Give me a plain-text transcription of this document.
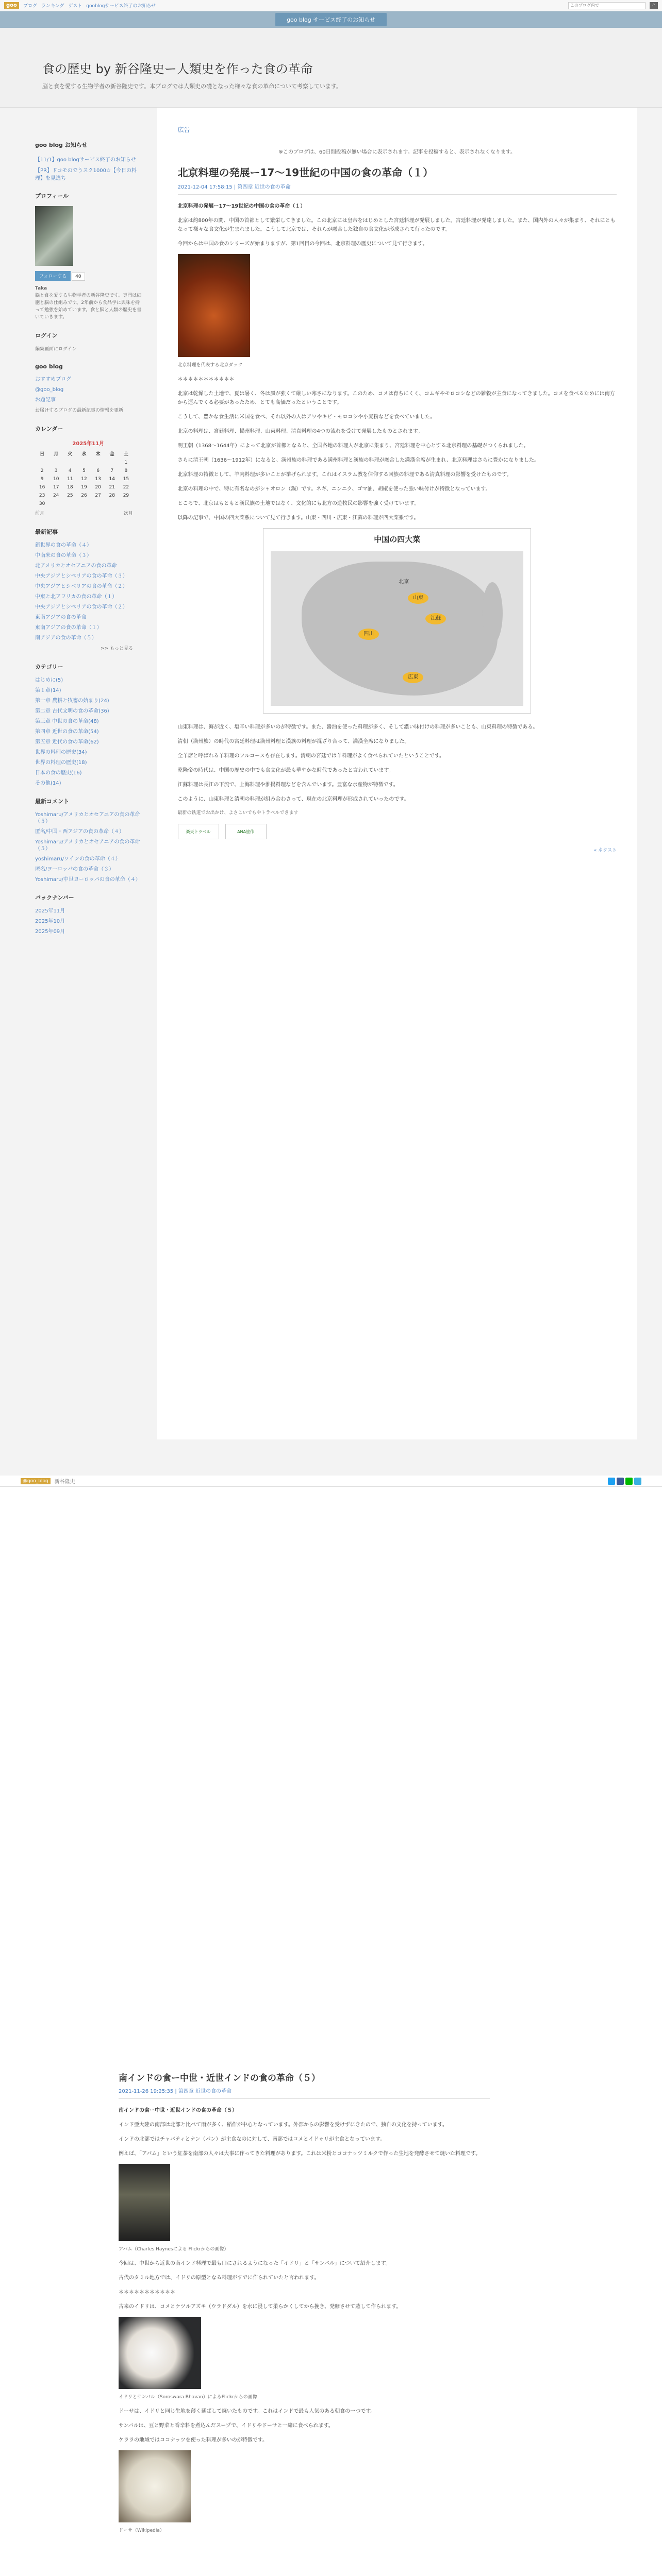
goo	ブログ ランキング ゲスト gooblogサービス終了のお知らせ
このブログ内で	⌕
goo blog サービス終了のお知らせ
食の歴史 by 新谷隆史ー人類史を作った食の革命
脳と食を愛する生物学者の新谷隆史です。本ブログでは人類史の礎となった様々な食の革命について考察しています。
goo blog お知らせ
【11/1】goo blogサービス終了のお知らせ
【PR】ドコモのでうスク1000☆【今日の料理】を見逃ち
プロフィール
フォローする 40
Taka
脳と食を愛する生物学者の新谷隆史です。専門は細胞と脳の仕組みです。2年前から食品学に興味を持って勉強を始めています。食と脳と人類の歴史を書いていきます。
ログイン
編集画面にログイン
goo blog
おすすめブログ
@goo_blog
お題記事
お届けするブログの最新記事の情報を更新
カレンダー
2025年11月
日	月	火	水	木	金	土
						1
2	3	4	5	6	7	8
9	10	11	12	13	14	15
16	17	18	19	20	21	22
23	24	25	26	27	28	29
30						
前月	次月
最新記事
新世界の食の革命（４）
中南米の食の革命（３）
北アメリカとオセアニアの食の革命
中央アジアとシベリアの食の革命（３）
中央アジアとシベリアの食の革命（２）
中東と北アフリカの食の革命（１）
中央アジアとシベリアの食の革命（２）
東南アジアの食の革命
東南アジアの食の革命（１）
南アジアの食の革命（５）
>> もっと見る
カテゴリー
はじめに(5)
第１章(14)
第一章 農耕と牧畜の始まり(24)
第二章 古代文明の食の革命(36)
第三章 中世の食の革命(48)
第四章 近世の食の革命(54)
第五章 近代の食の革命(62)
世界の料理の歴史(34)
世界の料理の歴史(18)
日本の食の歴史(16)
その他(14)
最新コメント
Yoshimaru/アメリカとオセアニアの食の革命（５）
匿名/中国・西アジアの食の革命（４）
Yoshimaru/アメリカとオセアニアの食の革命（５）
yoshimaru/ワインの食の革命（４）
匿名/ヨーロッパの食の革命（３）
Yoshimaru/中世ヨーロッパの食の革命（４）
バックナンバー
2025年11月
2025年10月
2025年09月
広告
※このブログは、60日間投稿が無い場合に表示されます。記事を投稿すると、表示されなくなります。
北京料理の発展ー17〜19世紀の中国の食の革命（１）
2021-12-04 17:58:15 | 第四章 近世の食の革命

北京料理の発展ー17〜19世紀の中国の食の革命（１）

北京は約800年の間、中国の首都として繁栄してきました。この北京には皇帝をはじめとした宮廷料理が発展しました。宮廷料理が発達しました。また、国内外の人々が集まり、それにともなって様々な食文化が生まれました。こうして北京では、それらが融合した独自の食文化が形成されて行ったのです。

今回からは中国の食のシリーズが始まりますが、第1回目の今回は、北京料理の歴史について見て行きます。

北京料理を代表する北京ダック

＊＊＊＊＊＊＊＊＊＊＊

北京は乾燥した土地で、夏は暑く、冬は風が強くて厳しい寒さになります。このため、コメは育ちにくく、コムギやモロコシなどの雑穀が主食になってきました。コメを食べるためには南方から運んでくる必要があったため、とても高価だったということです。

こうして、豊かな食生活に米国を食べ、それ以外の人はアワやキビ・モロコシや小麦粉などを食べていました。

北京の料理は、宮廷料理、揚州料理、山東料理、清真料理の4つの流れを受けて発展したものとされます。

明王朝（1368〜1644年）によって北京が首都となると、全国各地の料理人が北京に集まり、宮廷料理を中心とする北京料理の基礎がつくられました。

さらに清王朝（1636〜1912年）になると、満州族の料理である満州料理と漢族の料理が融合した満漢全席が生まれ、北京料理はさらに豊かになりました。

北京料理の特徴として、羊肉料理が多いことが挙げられます。これはイスラム教を信仰する回族の料理である清真料理の影響を受けたものです。

北京の料理の中で、特に有名なのがシャオロン（鍋）です。ネギ、ニンニク、ゴマ油、胡椒を使った強い味付けが特徴となっています。

ところで、北京はもともと漢民族の土地ではなく、文化的にも北方の遊牧民の影響を強く受けています。

以降の記事で、中国の四大菜系について見て行きます。山東・四川・広東・江蘇の料理が四大菜系です。

中国の四大菜
北京
山東
江蘇
四川
広東

山東料理は、海が近く、塩辛い料理が多いのが特徴です。また、醤油を使った料理が多く、そして濃い味付けの料理が多いことも、山東料理の特徴である。

清朝（満州族）の時代の宮廷料理は満州料理と漢族の料理が混ざり合って、満漢全席になりました。

全羊席と呼ばれる羊料理のフルコースも存在します。清朝の宮廷では羊料理がよく食べられていたということです。

乾隆帝の時代は、中国の歴史の中でも食文化が最も華やかな時代であったと言われています。

江蘇料理は長江の下流で、上海料理や淮揚料理などを含んでいます。豊富な水産物が特徴です。

このように、山東料理と清朝の料理が組み合わさって、現在の北京料理が形成されていったのです。

最新の鉄道でお出かけ、よさこいでもやトラベルできます
楽天トラベル	ANA旅作
« ネクスト
@goo_blog	新谷隆史
南インドの食ー中世・近世インドの食の革命（５）
2021-11-26 19:25:35 | 第四章 近世の食の革命

南インドの食ー中世・近世インドの食の革命（５）

インド亜大陸の南部は北部と比べて雨が多く、稲作が中心となっています。外部からの影響を受けずにきたので、独自の文化を持っています。

インドの北部ではチャパティとナン（パン）が主食なのに対して、南部ではコメとイドゥリが主食となっています。

例えば、「アパム」という紅茶を南部の人々は大事に作ってきた料理があります。これは米粉とココナッツミルクで作った生地を発酵させて焼いた料理です。

アパム（Charles Haynesによる Flickrからの画像）

今回は、中世から近世の南インド料理で最も口にされるようになった「イドリ」と「サンバル」について紹介します。

古代のタミル地方では、イドリの原型となる料理がすでに作られていたと言われます。

＊＊＊＊＊＊＊＊＊＊＊

古来のイドリは、コメとケツルアズキ（ウラドダル）を水に浸して柔らかくしてから挽き、発酵させて蒸して作られます。

イドリとサンバル（Soroswara Bhavan）によるFlickrからの画像

ドーサは、イドリと同じ生地を薄く延ばして焼いたものです。これはインドで最も人気のある朝食の一つです。

サンバルは、豆と野菜と香辛料を煮込んだスープで、イドリやドーサと一緒に食べられます。

ケララの地域ではココナッツを使った料理が多いのが特徴です。

ドーサ（Wikipedia）
